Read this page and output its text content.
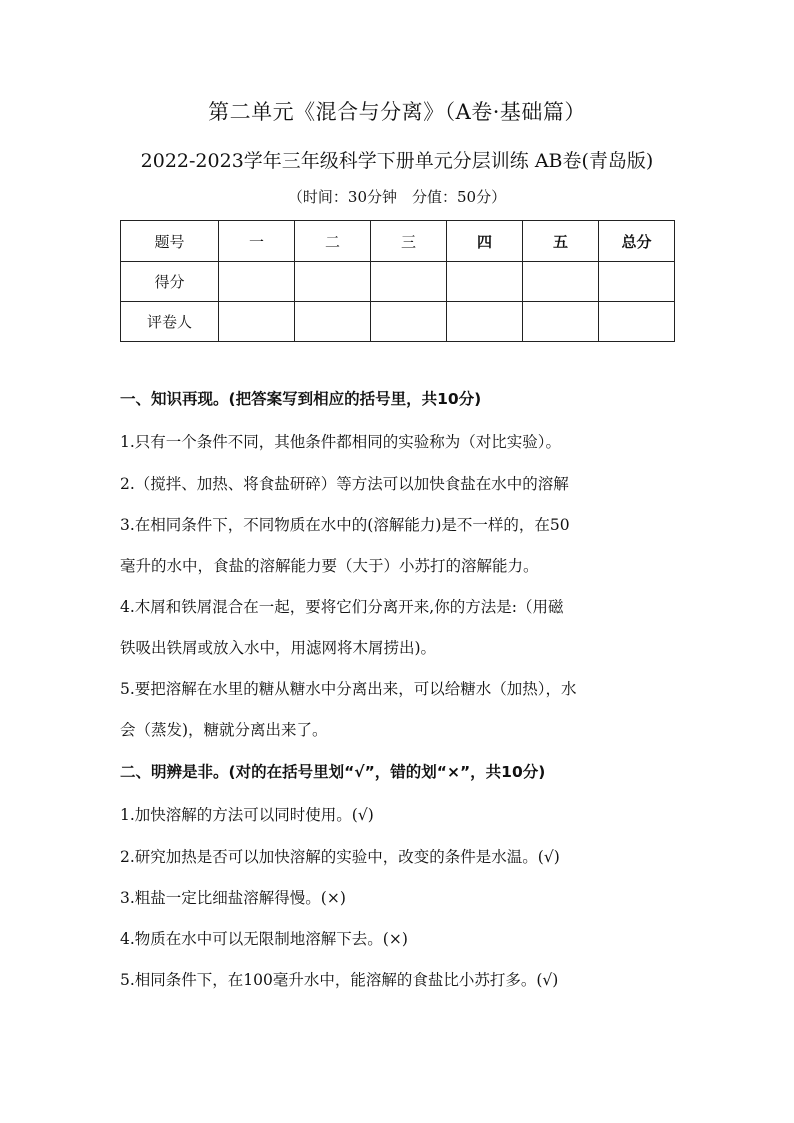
第二单元《混合与分离》（A卷·基础篇）
2022-2023学年三年级科学下册单元分层训练 AB卷(青岛版)
（时间：30分钟　分值：50分）
题号	一	二	三	四	五	总分
得分						
评卷人						
一、知识再现。(把答案写到相应的括号里，共10分)
1.只有一个条件不同，其他条件都相同的实验称为（对比实验）。
2.（搅拌、加热、将食盐研碎）等方法可以加快食盐在水中的溶解
3.在相同条件下，不同物质在水中的(溶解能力)是不一样的，在50
毫升的水中，食盐的溶解能力要（大于）小苏打的溶解能力。
4.木屑和铁屑混合在一起，要将它们分离开来,你的方法是:（用磁
铁吸出铁屑或放入水中，用滤网将木屑捞出)。
5.要把溶解在水里的糖从糖水中分离出来，可以给糖水（加热），水
会（蒸发)，糖就分离出来了。
二、明辨是非。(对的在括号里划“√”，错的划“×”，共10分)
1.加快溶解的方法可以同时使用。(√)
2.研究加热是否可以加快溶解的实验中，改变的条件是水温。(√)
3.粗盐一定比细盐溶解得慢。(×)
4.物质在水中可以无限制地溶解下去。(×)
5.相同条件下，在100毫升水中，能溶解的食盐比小苏打多。(√)
